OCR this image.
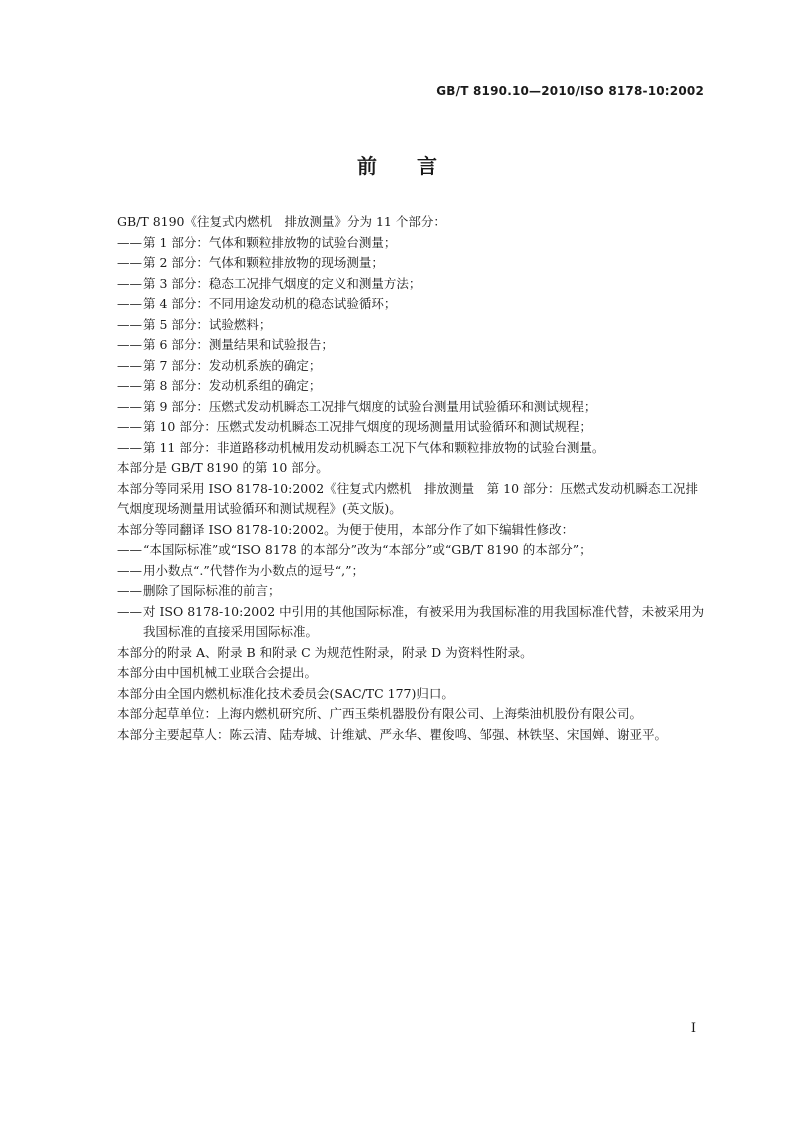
GB/T 8190.10—2010/ISO 8178-10:2002
前言

GB/T 8190《往复式内燃机　排放测量》分为 11 个部分：

——第 1 部分：气体和颗粒排放物的试验台测量；

——第 2 部分：气体和颗粒排放物的现场测量；

——第 3 部分：稳态工况排气烟度的定义和测量方法；

——第 4 部分：不同用途发动机的稳态试验循环；

——第 5 部分：试验燃料；

——第 6 部分：测量结果和试验报告；

——第 7 部分：发动机系族的确定；

——第 8 部分：发动机系组的确定；

——第 9 部分：压燃式发动机瞬态工况排气烟度的试验台测量用试验循环和测试规程；

——第 10 部分：压燃式发动机瞬态工况排气烟度的现场测量用试验循环和测试规程；

——第 11 部分：非道路移动机械用发动机瞬态工况下气体和颗粒排放物的试验台测量。

本部分是 GB/T 8190 的第 10 部分。

本部分等同采用 ISO 8178-10:2002《往复式内燃机　排放测量　第 10 部分：压燃式发动机瞬态工况排气烟度现场测量用试验循环和测试规程》(英文版)。

本部分等同翻译 ISO 8178-10:2002。为便于使用，本部分作了如下编辑性修改：

——“本国际标准”或“ISO 8178 的本部分”改为“本部分”或“GB/T 8190 的本部分”；

——用小数点“.”代替作为小数点的逗号“,”；

——删除了国际标准的前言；

——对 ISO 8178-10:2002 中引用的其他国际标准，有被采用为我国标准的用我国标准代替，未被采用为我国标准的直接采用国际标准。

本部分的附录 A、附录 B 和附录 C 为规范性附录，附录 D 为资料性附录。

本部分由中国机械工业联合会提出。

本部分由全国内燃机标准化技术委员会(SAC/TC 177)归口。

本部分起草单位：上海内燃机研究所、广西玉柴机器股份有限公司、上海柴油机股份有限公司。

本部分主要起草人：陈云清、陆寿城、计维斌、严永华、瞿俊鸣、邹强、林铁坚、宋国婵、谢亚平。

Ⅰ
